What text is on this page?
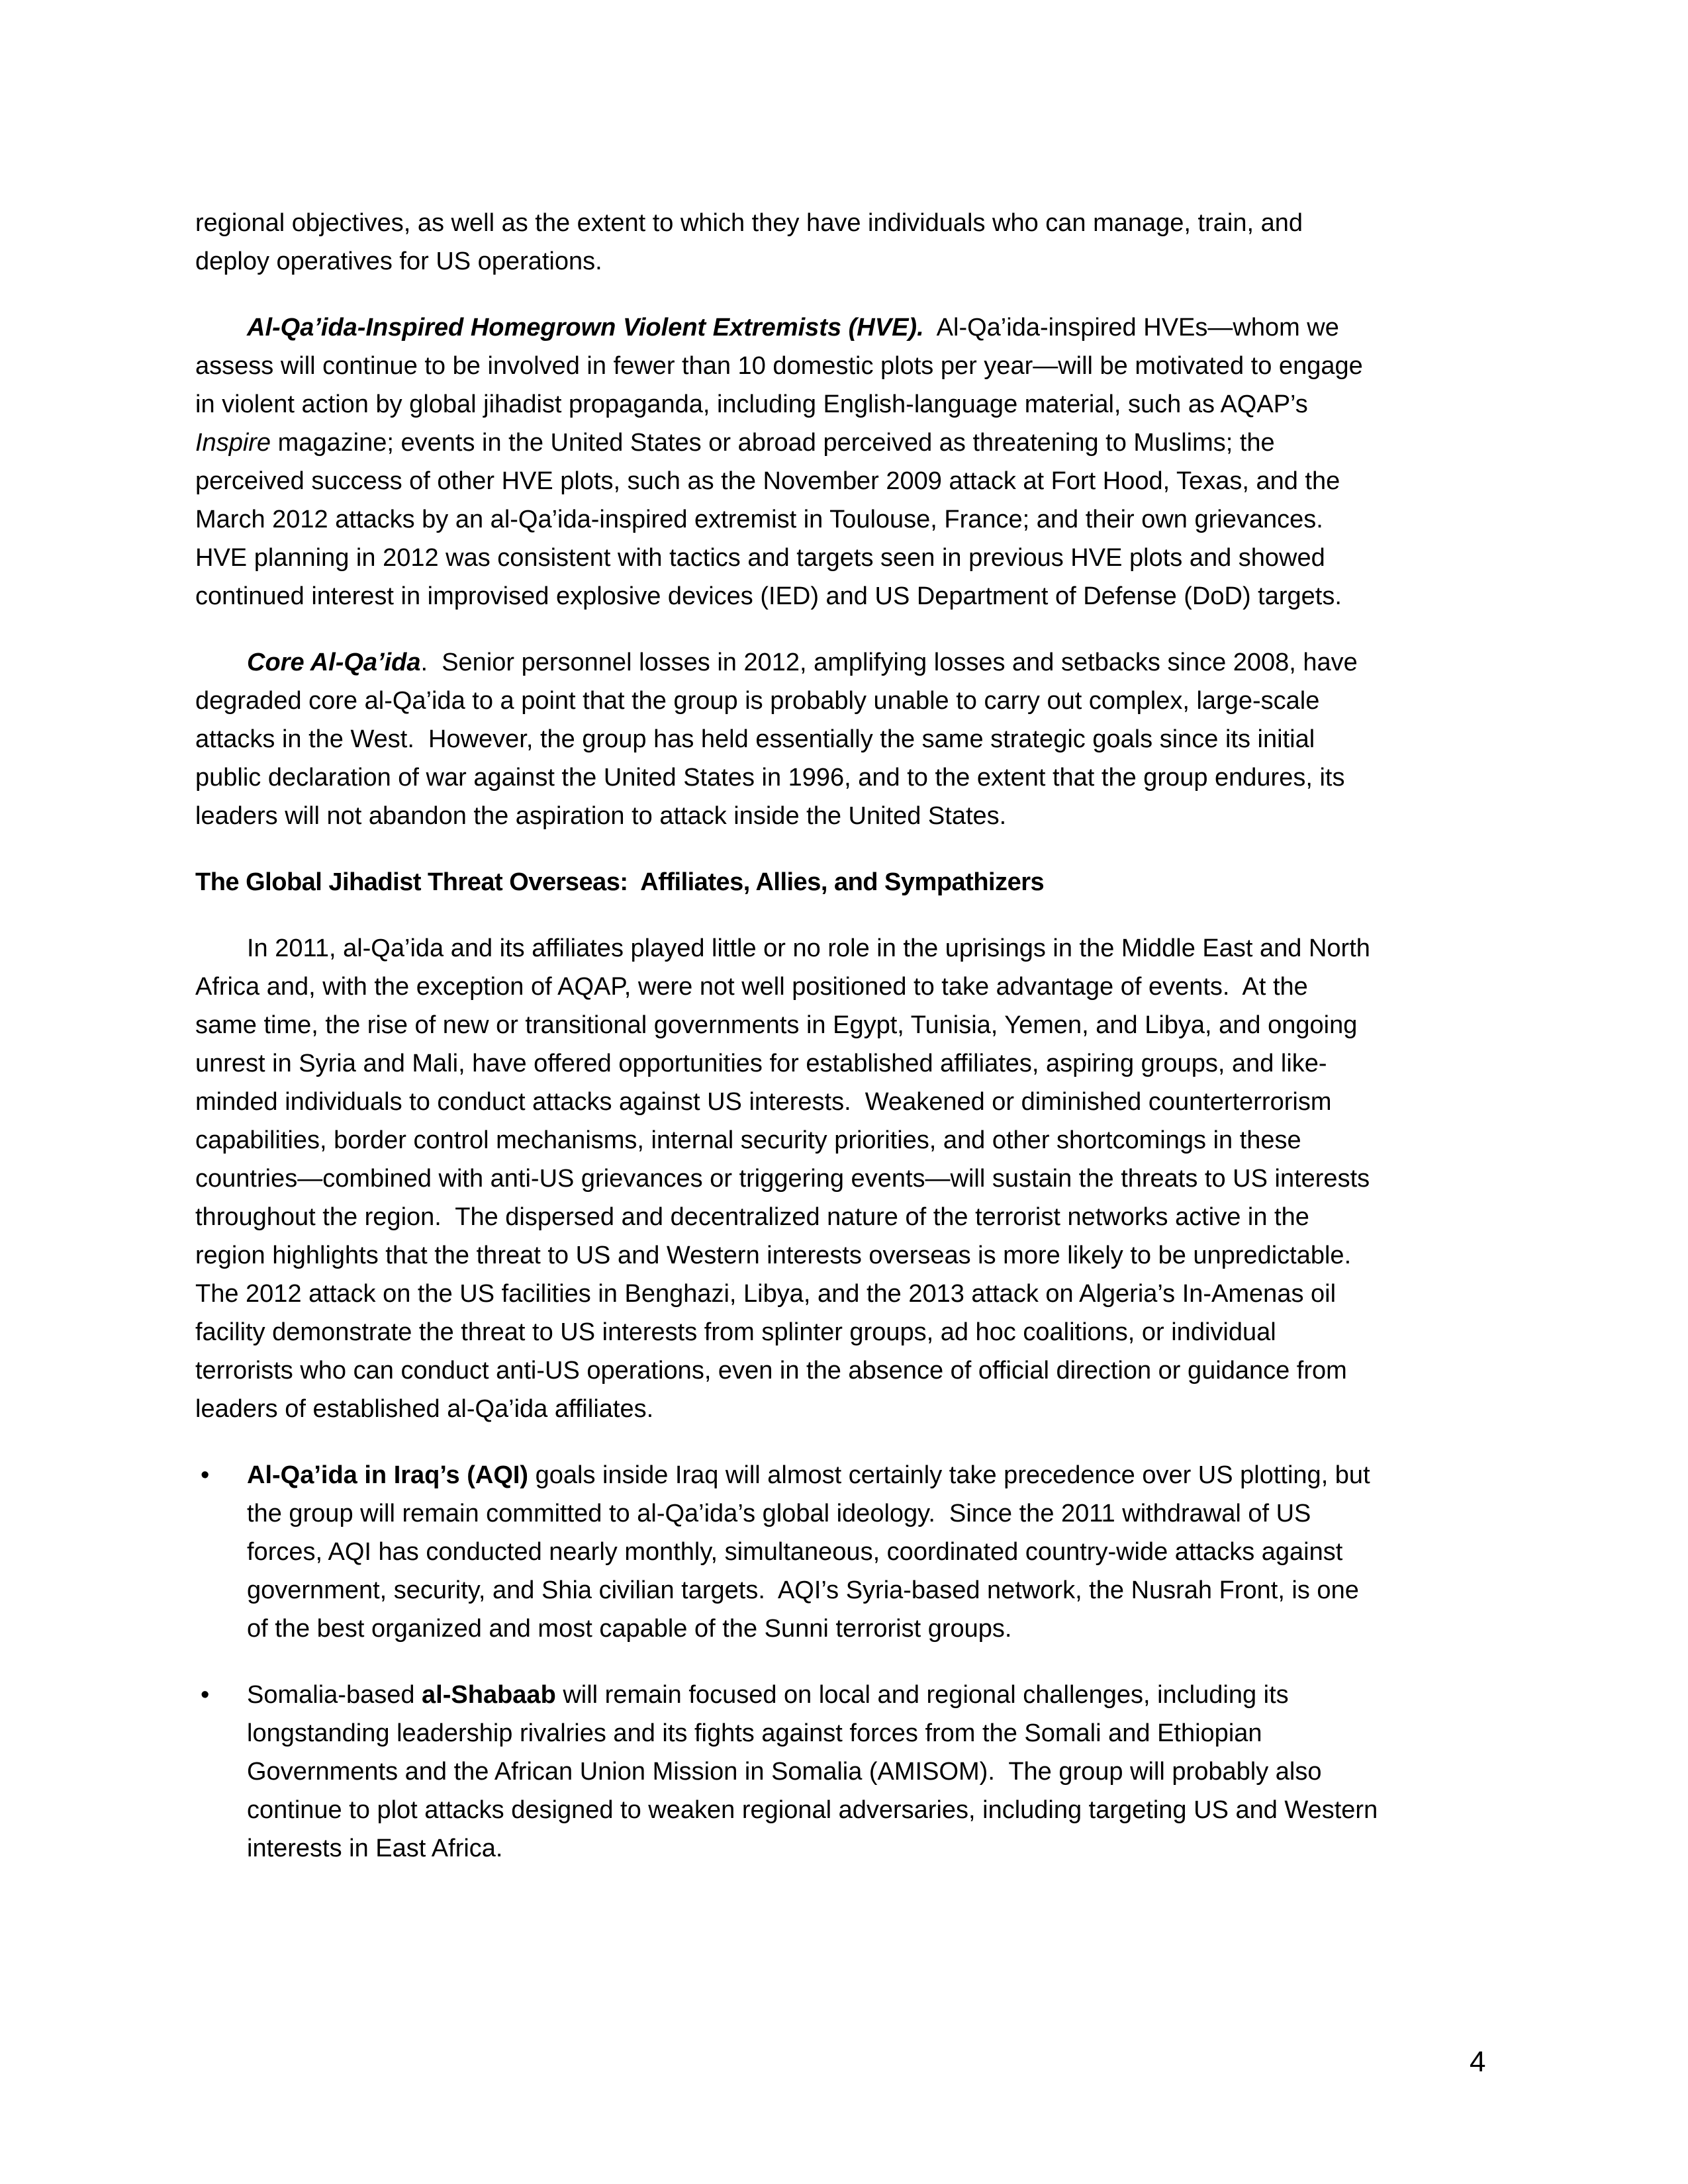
regional objectives, as well as the extent to which they have individuals who can manage, train, and
deploy operatives for US operations.
Al-Qa’ida-Inspired Homegrown Violent Extremists (HVE).  Al-Qa’ida-inspired HVEs—whom we
assess will continue to be involved in fewer than 10 domestic plots per year—will be motivated to engage
in violent action by global jihadist propaganda, including English-language material, such as AQAP’s
Inspire magazine; events in the United States or abroad perceived as threatening to Muslims; the
perceived success of other HVE plots, such as the November 2009 attack at Fort Hood, Texas, and the
March 2012 attacks by an al-Qa’ida-inspired extremist in Toulouse, France; and their own grievances.
HVE planning in 2012 was consistent with tactics and targets seen in previous HVE plots and showed
continued interest in improvised explosive devices (IED) and US Department of Defense (DoD) targets.
Core Al-Qa’ida.  Senior personnel losses in 2012, amplifying losses and setbacks since 2008, have
degraded core al-Qa’ida to a point that the group is probably unable to carry out complex, large-scale
attacks in the West.  However, the group has held essentially the same strategic goals since its initial
public declaration of war against the United States in 1996, and to the extent that the group endures, its
leaders will not abandon the aspiration to attack inside the United States.
The Global Jihadist Threat Overseas:  Affiliates, Allies, and Sympathizers
In 2011, al-Qa’ida and its affiliates played little or no role in the uprisings in the Middle East and North
Africa and, with the exception of AQAP, were not well positioned to take advantage of events.  At the
same time, the rise of new or transitional governments in Egypt, Tunisia, Yemen, and Libya, and ongoing
unrest in Syria and Mali, have offered opportunities for established affiliates, aspiring groups, and like-
minded individuals to conduct attacks against US interests.  Weakened or diminished counterterrorism
capabilities, border control mechanisms, internal security priorities, and other shortcomings in these
countries—combined with anti-US grievances or triggering events—will sustain the threats to US interests
throughout the region.  The dispersed and decentralized nature of the terrorist networks active in the
region highlights that the threat to US and Western interests overseas is more likely to be unpredictable.
The 2012 attack on the US facilities in Benghazi, Libya, and the 2013 attack on Algeria’s In-Amenas oil
facility demonstrate the threat to US interests from splinter groups, ad hoc coalitions, or individual
terrorists who can conduct anti-US operations, even in the absence of official direction or guidance from
leaders of established al-Qa’ida affiliates.
• Al-Qa’ida in Iraq’s (AQI) goals inside Iraq will almost certainly take precedence over US plotting, but
the group will remain committed to al-Qa’ida’s global ideology.  Since the 2011 withdrawal of US
forces, AQI has conducted nearly monthly, simultaneous, coordinated country-wide attacks against
government, security, and Shia civilian targets.  AQI’s Syria-based network, the Nusrah Front, is one
of the best organized and most capable of the Sunni terrorist groups.
• Somalia-based al-Shabaab will remain focused on local and regional challenges, including its
longstanding leadership rivalries and its fights against forces from the Somali and Ethiopian
Governments and the African Union Mission in Somalia (AMISOM).  The group will probably also
continue to plot attacks designed to weaken regional adversaries, including targeting US and Western
interests in East Africa.
4
